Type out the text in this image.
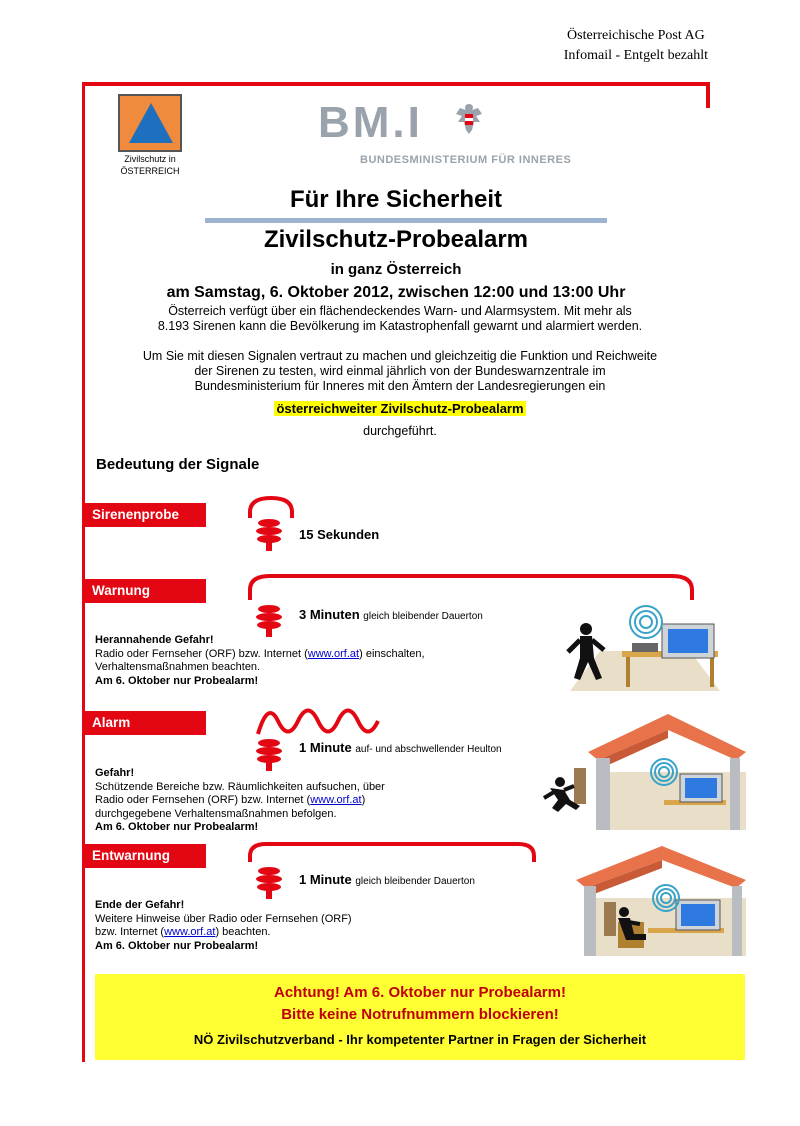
Österreichische Post AG
Infomail - Entgelt bezahlt
Zivilschutz in
ÖSTERREICH
BM.I
BUNDESMINISTERIUM FÜR INNERES
Für Ihre Sicherheit
Zivilschutz-Probealarm
in ganz Österreich
am Samstag, 6. Oktober 2012, zwischen 12:00 und 13:00 Uhr
Österreich verfügt über ein flächendeckendes Warn- und Alarmsystem. Mit mehr als
8.193 Sirenen kann die Bevölkerung im Katastrophenfall gewarnt und alarmiert werden.
Um Sie mit diesen Signalen vertraut zu machen und gleichzeitig die Funktion und Reichweite
der Sirenen zu testen, wird einmal jährlich von der Bundeswarnzentrale im
Bundesministerium für Inneres mit den Ämtern der Landesregierungen ein
österreichweiter Zivilschutz-Probealarm
durchgeführt.
Bedeutung der Signale
Sirenenprobe
15 Sekunden
Warnung
3 Minuten gleich bleibender Dauerton
Herannahende Gefahr!
Radio oder Fernseher (ORF) bzw. Internet (www.orf.at) einschalten,
Verhaltensmaßnahmen beachten.
Am 6. Oktober nur Probealarm!
Alarm
1 Minute auf- und abschwellender Heulton
Gefahr!
Schützende Bereiche bzw. Räumlichkeiten aufsuchen, über
Radio oder Fernsehen (ORF) bzw. Internet (www.orf.at)
durchgegebene Verhaltensmaßnahmen befolgen.
Am 6. Oktober nur Probealarm!
Entwarnung
1 Minute gleich bleibender Dauerton
Ende der Gefahr!
Weitere Hinweise über Radio oder Fernsehen (ORF)
bzw. Internet (www.orf.at) beachten.
Am 6. Oktober nur Probealarm!
Achtung! Am 6. Oktober nur Probealarm!
Bitte keine Notrufnummern blockieren!
NÖ Zivilschutzverband - Ihr kompetenter Partner in Fragen der Sicherheit
